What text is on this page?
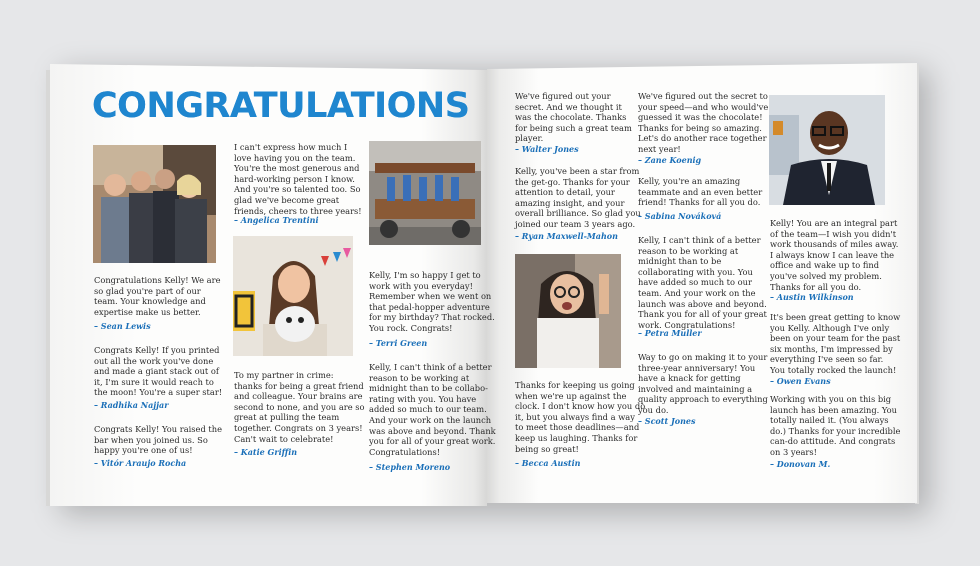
CONGRATULATIONS
Congratulations Kelly! We are
so glad you're part of our
team. Your knowledge and
expertise make us better.
– Sean Lewis
Congrats Kelly! If you printed
out all the work you've done
and made a giant stack out of
it, I'm sure it would reach to
the moon! You're a super star!
– Radhika Najjar
Congrats Kelly! You raised the
bar when you joined us. So
happy you're one of us!
– Vitór Araujo Rocha
I can't express how much I
love having you on the team.
You're the most generous and
hard-working person I know.
And you're so talented too. So
glad we've become great
friends, cheers to three years!
– Angelica Trentini
To my partner in crime:
thanks for being a great friend
and colleague. Your brains are
second to none, and you are so
great at pulling the team
together. Congrats on 3 years!
Can't wait to celebrate!
– Katie Griffin
Kelly, I'm so happy I get to
work with you everyday!
Remember when we went on
that pedal-hopper adventure
for my birthday? That rocked.
You rock. Congrats!
– Terri Green
Kelly, I can't think of a better
reason to be working at
midnight than to be collabo-
rating with you. You have
added so much to our team.
And your work on the launch
was above and beyond. Thank
you for all of your great work.
Congratulations!
– Stephen Moreno
We've figured out your
secret. And we thought it
was the chocolate. Thanks
for being such a great team
player.
– Walter Jones
Kelly, you've been a star from
the get-go. Thanks for your
attention to detail, your
amazing insight, and your
overall brilliance. So glad you
joined our team 3 years ago.
– Ryan Maxwell-Mahon
Thanks for keeping us going
when we're up against the
clock. I don't know how you do
it, but you always find a way
to meet those deadlines—and
keep us laughing. Thanks for
being so great!
– Becca Austin
We've figured out the secret to
your speed—and who would've
guessed it was the chocolate!
Thanks for being so amazing.
Let's do another race together
next year!
– Zane Koenig
Kelly, you're an amazing
teammate and an even better
friend! Thanks for all you do.
– Sabina Nováková
Kelly, I can't think of a better
reason to be working at
midnight than to be
collaborating with you. You
have added so much to our
team. And your work on the
launch was above and beyond.
Thank you for all of your great
work. Congratulations!
– Petra Muller
Way to go on making it to your
three-year anniversary! You
have a knack for getting
involved and maintaining a
quality approach to everything
you do.
– Scott Jones
Kelly! You are an integral part
of the team—I wish you didn't
work thousands of miles away.
I always know I can leave the
office and wake up to find
you've solved my problem.
Thanks for all you do.
– Austin Wilkinson
It's been great getting to know
you Kelly. Although I've only
been on your team for the past
six months, I'm impressed by
everything I've seen so far.
You totally rocked the launch!
– Owen Evans
Working with you on this big
launch has been amazing. You
totally nailed it. (You always
do.) Thanks for your incredible
can-do attitude. And congrats
on 3 years!
– Donovan M.
